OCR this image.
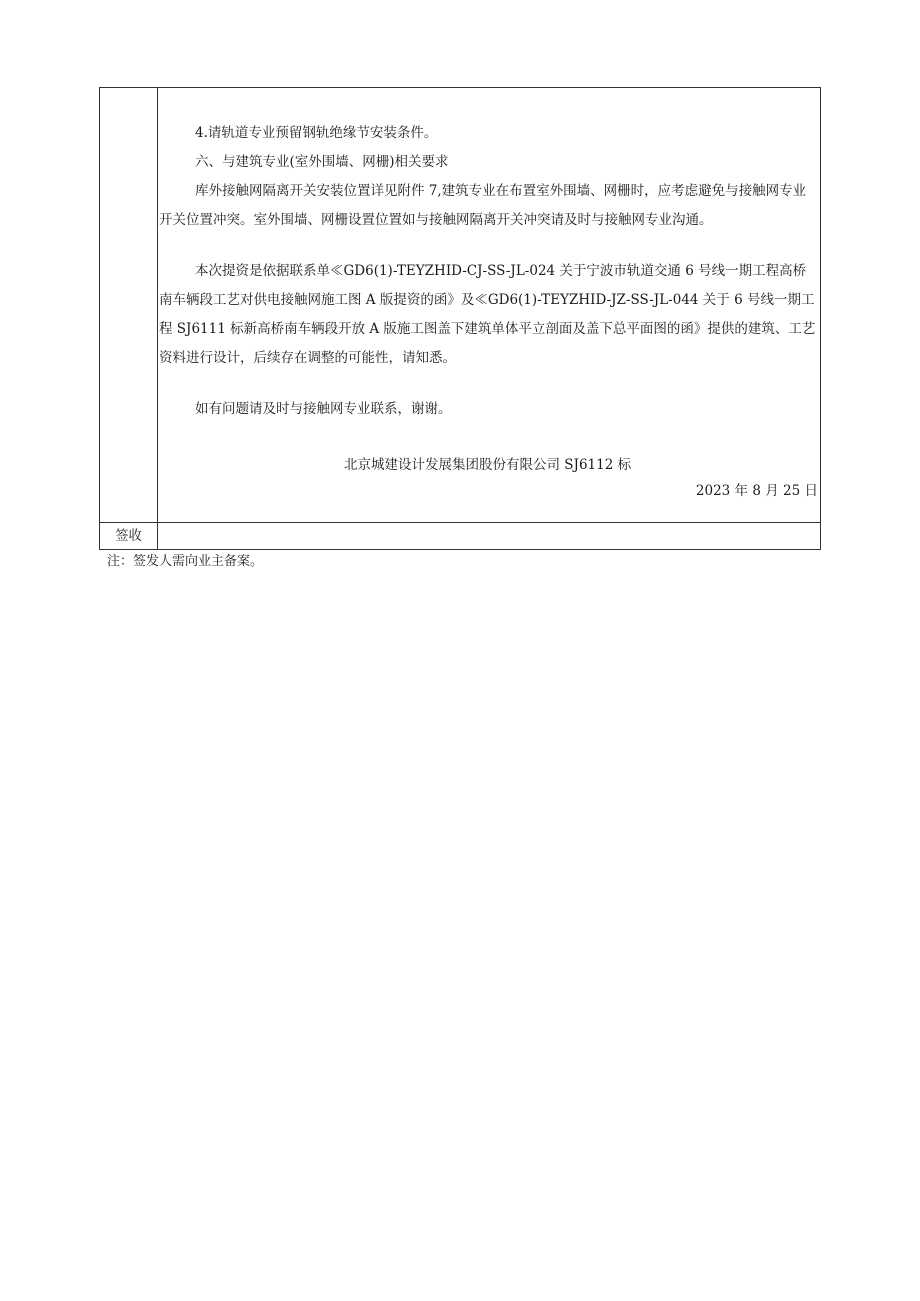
4.请轨道专业预留钢轨绝缘节安装条件。
六、与建筑专业(室外围墙、网栅)相关要求
库外接触网隔离开关安装位置详见附件 7,建筑专业在布置室外围墙、网栅时，应考虑避免与接触网专业
开关位置冲突。室外围墙、网栅设置位置如与接触网隔离开关冲突请及时与接触网专业沟通。
本次提资是依据联系单≪GD6(1)-TEYZHID-CJ-SS-JL-024 关于宁波市轨道交通 6 号线一期工程高桥
南车辆段工艺对供电接触网施工图 A 版提资的函》及≪GD6(1)-TEYZHID-JZ-SS-JL-044 关于 6 号线一期工
程 SJ6111 标新高桥南车辆段开放 A 版施工图盖下建筑单体平立剖面及盖下总平面图的函》提供的建筑、工艺
资料进行设计，后续存在调整的可能性，请知悉。
如有问题请及时与接触网专业联系，谢谢。
北京城建设计发展集团股份有限公司 SJ6112 标
2023 年 8 月 25 日
签收
注：签发人需向业主备案。
